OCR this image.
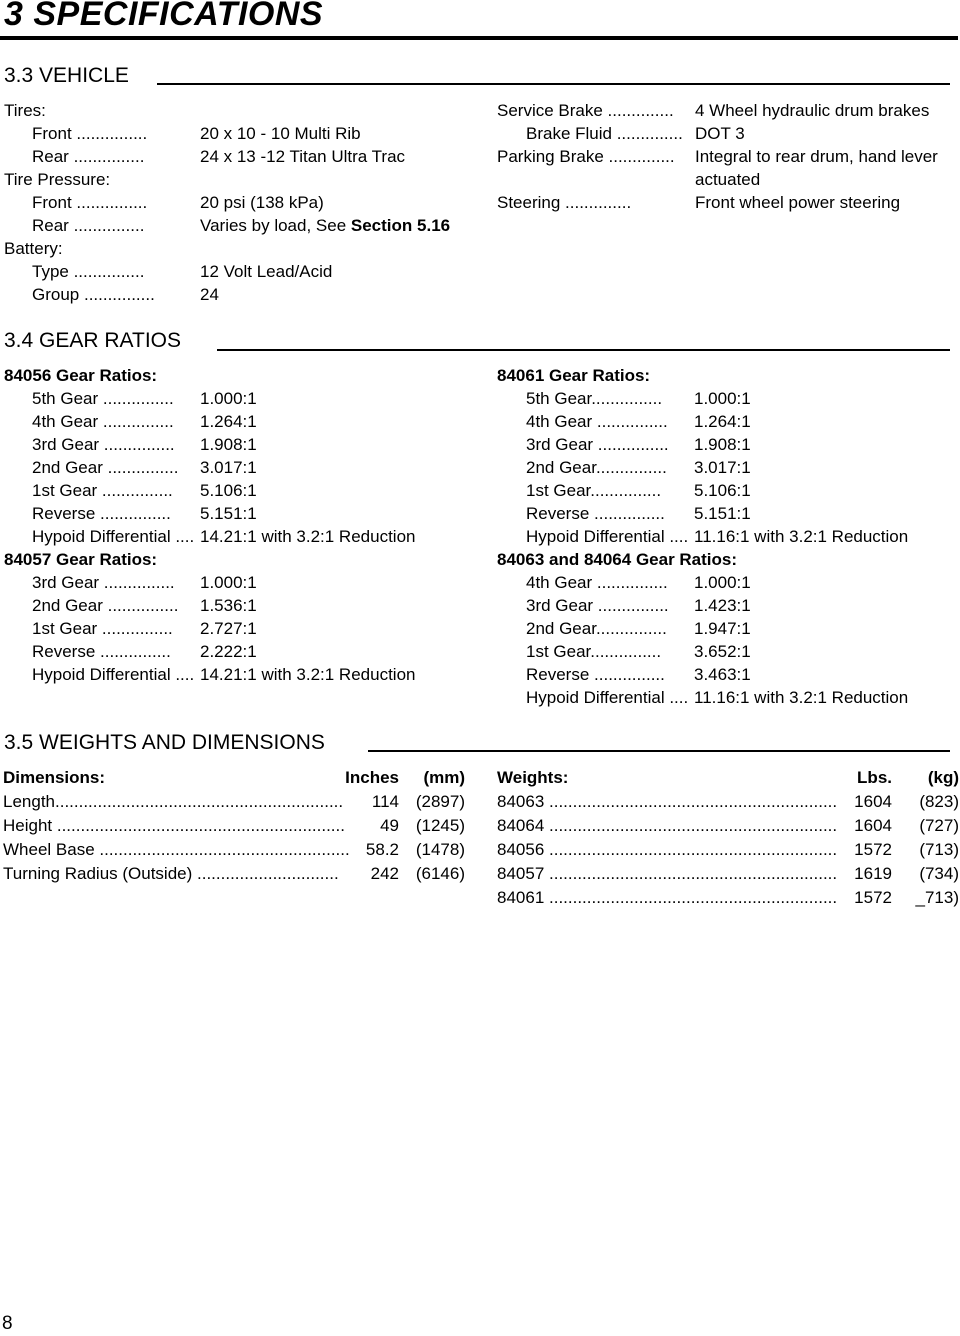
3 SPECIFICATIONS
3.3 VEHICLE
Tires:
Front ...............	20 x 10 - 10 Multi Rib
Rear ...............	24 x 13 -12 Titan Ultra Trac
Tire Pressure:
Front ...............	20 psi (138 kPa)
Rear ...............	Varies by load, See Section 5.16
Battery:
Type ...............	12 Volt Lead/Acid
Group ...............	24
Service Brake .............. 4 Wheel hydraulic drum brakes
Brake Fluid .............. DOT 3
Parking Brake .............. Integral to rear drum, hand lever
actuated
Steering ..............	Front wheel power steering
3.4 GEAR RATIOS
84056 Gear Ratios:
5th Gear ............... 1.000:1
4th Gear ............... 1.264:1
3rd Gear ............... 1.908:1
2nd Gear ............... 3.017:1
1st Gear ............... 5.106:1
Reverse ............... 5.151:1
Hypoid Differential .... 14.21:1 with 3.2:1 Reduction
84057 Gear Ratios:
3rd Gear ............... 1.000:1
2nd Gear ............... 1.536:1
1st Gear ............... 2.727:1
Reverse ............... 2.222:1
Hypoid Differential .... 14.21:1 with 3.2:1 Reduction
84061 Gear Ratios:
5th Gear............... 1.000:1
4th Gear ............... 1.264:1
3rd Gear ............... 1.908:1
2nd Gear............... 3.017:1
1st Gear............... 5.106:1
Reverse ............... 5.151:1
Hypoid Differential .... 11.16:1 with 3.2:1 Reduction
84063 and 84064 Gear Ratios:
4th Gear ............... 1.000:1
3rd Gear ............... 1.423:1
2nd Gear............... 1.947:1
1st Gear............... 3.652:1
Reverse ............... 3.463:1
Hypoid Differential .... 11.16:1 with 3.2:1 Reduction
3.5 WEIGHTS AND DIMENSIONS
Dimensions:	Inches (mm)
Length.............................................................	114 (2897)
Height .............................................................	49 (1245)
Wheel Base ..................................................... 58.2 (1478)
Turning Radius (Outside) ..............................	242 (6146)
Weights:	Lbs. (kg)
84063 .............................................................	1604 (823)
84064 .............................................................	1604 (727)
84056 .............................................................	1572 (713)
84057 .............................................................	1619 (734)
84061 .............................................................	1572 _713)
8
